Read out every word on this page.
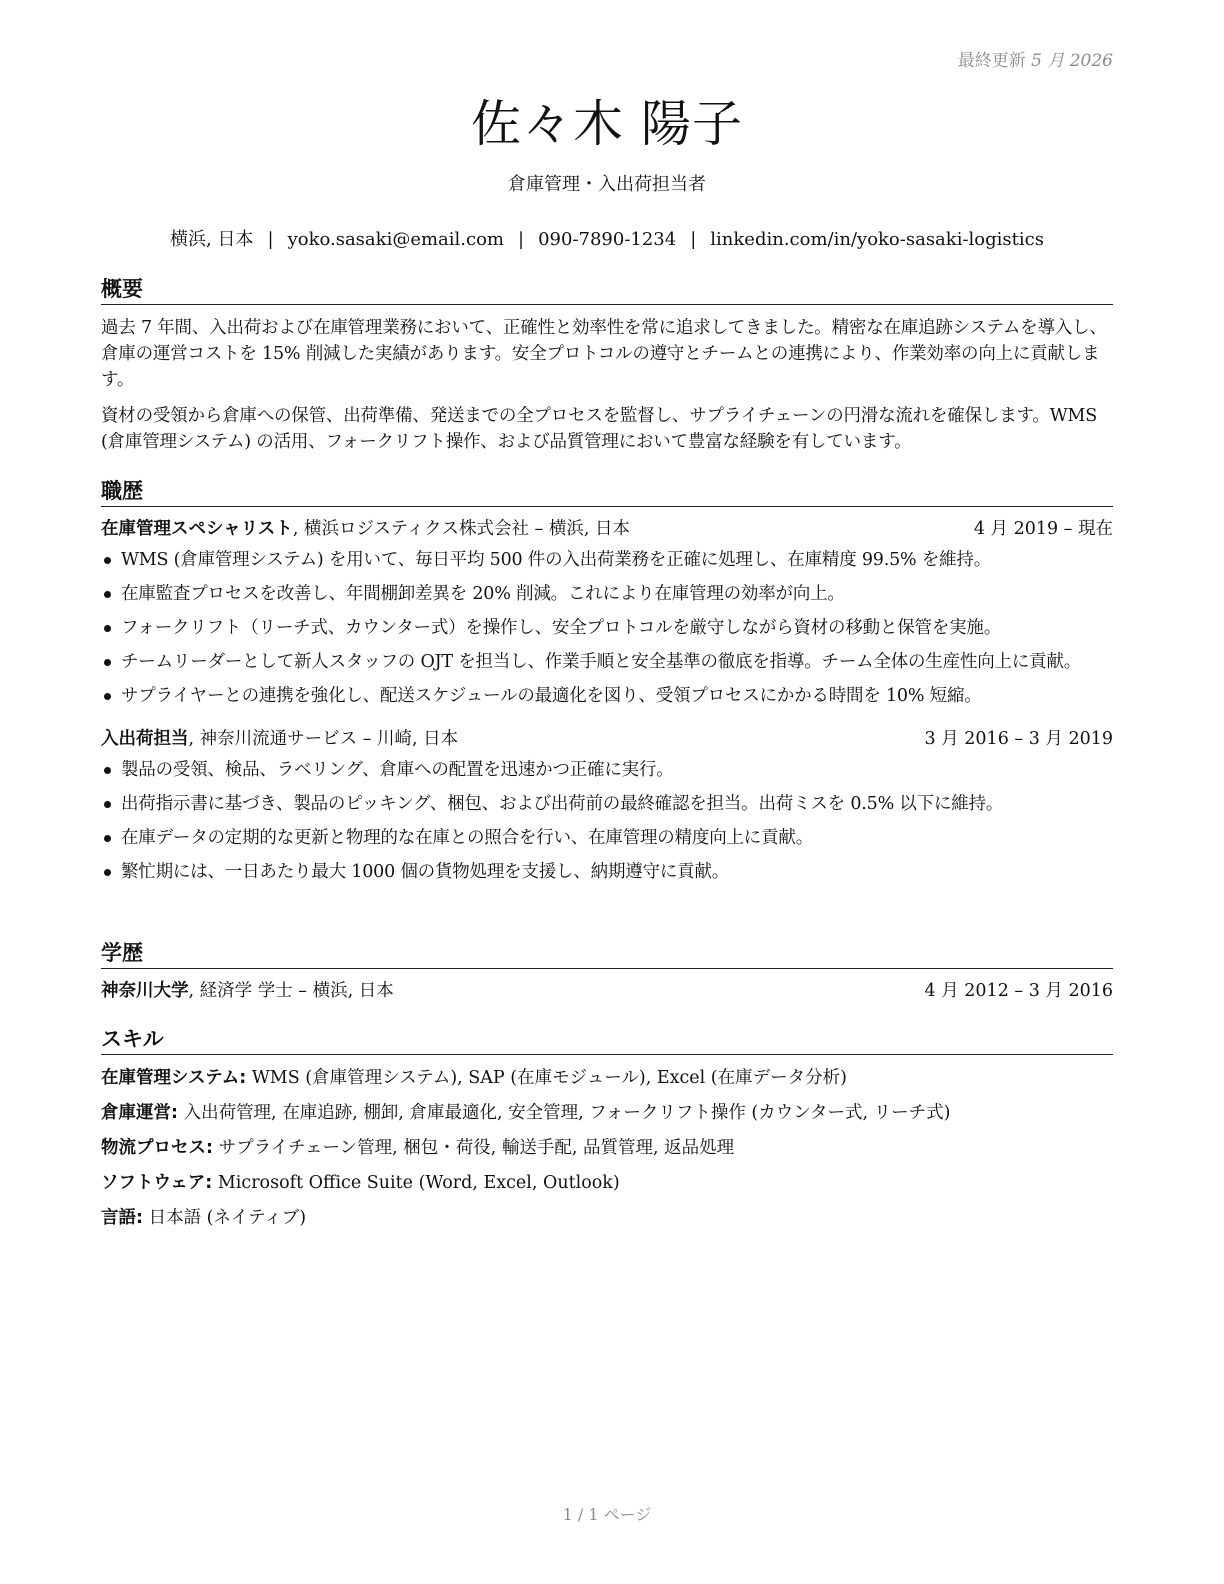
最終更新 5 月 2026
佐々木 陽子
倉庫管理・入出荷担当者
横浜, 日本 | yoko.sasaki@email.com | 090-7890-1234 | linkedin.com/in/yoko-sasaki-logistics
概要

過去 7 年間、入出荷および在庫管理業務において、正確性と効率性を常に追求してきました。精密な在庫追跡システムを導入し、倉庫の運営コストを 15% 削減した実績があります。安全プロトコルの遵守とチームとの連携により、作業効率の向上に貢献します。

資材の受領から倉庫への保管、出荷準備、発送までの全プロセスを監督し、サプライチェーンの円滑な流れを確保します。WMS (倉庫管理システム) の活用、フォークリフト操作、および品質管理において豊富な経験を有しています。

職歴
在庫管理スペシャリスト, 横浜ロジスティクス株式会社 – 横浜, 日本	4 月 2019 – 現在
WMS (倉庫管理システム) を用いて、毎日平均 500 件の入出荷業務を正確に処理し、在庫精度 99.5% を維持。
在庫監査プロセスを改善し、年間棚卸差異を 20% 削減。これにより在庫管理の効率が向上。
フォークリフト（リーチ式、カウンター式）を操作し、安全プロトコルを厳守しながら資材の移動と保管を実施。
チームリーダーとして新人スタッフの OJT を担当し、作業手順と安全基準の徹底を指導。チーム全体の生産性向上に貢献。
サプライヤーとの連携を強化し、配送スケジュールの最適化を図り、受領プロセスにかかる時間を 10% 短縮。
入出荷担当, 神奈川流通サービス – 川崎, 日本	3 月 2016 – 3 月 2019
製品の受領、検品、ラベリング、倉庫への配置を迅速かつ正確に実行。
出荷指示書に基づき、製品のピッキング、梱包、および出荷前の最終確認を担当。出荷ミスを 0.5% 以下に維持。
在庫データの定期的な更新と物理的な在庫との照合を行い、在庫管理の精度向上に貢献。
繁忙期には、一日あたり最大 1000 個の貨物処理を支援し、納期遵守に貢献。
学歴
神奈川大学, 経済学 学士 – 横浜, 日本	4 月 2012 – 3 月 2016
スキル
在庫管理システム: WMS (倉庫管理システム), SAP (在庫モジュール), Excel (在庫データ分析)
倉庫運営: 入出荷管理, 在庫追跡, 棚卸, 倉庫最適化, 安全管理, フォークリフト操作 (カウンター式, リーチ式)
物流プロセス: サプライチェーン管理, 梱包・荷役, 輸送手配, 品質管理, 返品処理
ソフトウェア: Microsoft Office Suite (Word, Excel, Outlook)
言語: 日本語 (ネイティブ)
1 / 1 ページ
